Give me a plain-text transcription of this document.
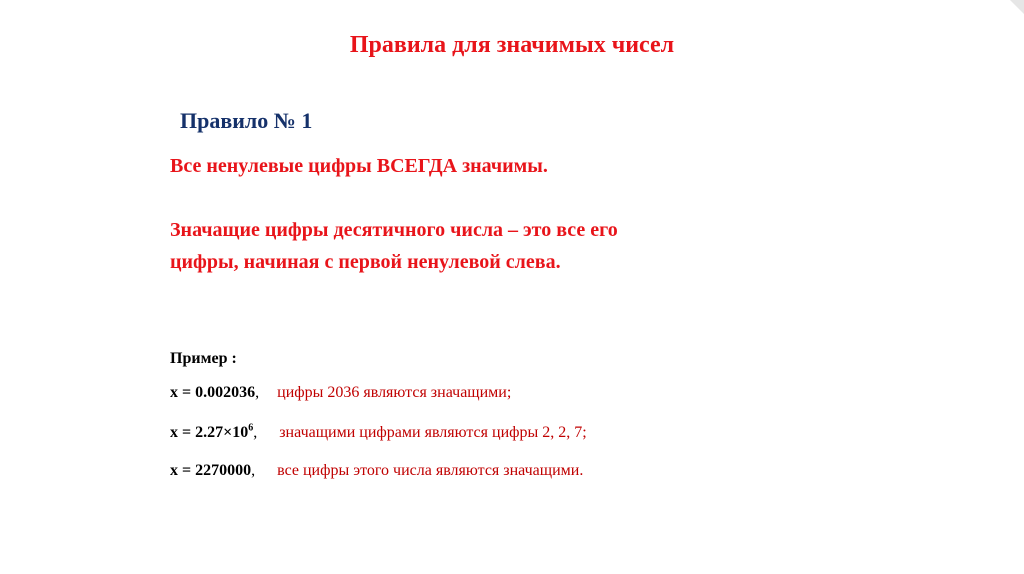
Правила для значимых чисел
Правило № 1
Все ненулевые цифры ВСЕГДА значимы.
Значащие цифры десятичного числа – это все его
цифры, начиная с первой ненулевой слева.
Пример :
x = 0.002036, цифры 2036 являются значащими;
$x = 2.27\times 10^6$, значащими цифрами являются цифры 2, 2, 7;
x = 2270000, все цифры этого числа являются значащими.
